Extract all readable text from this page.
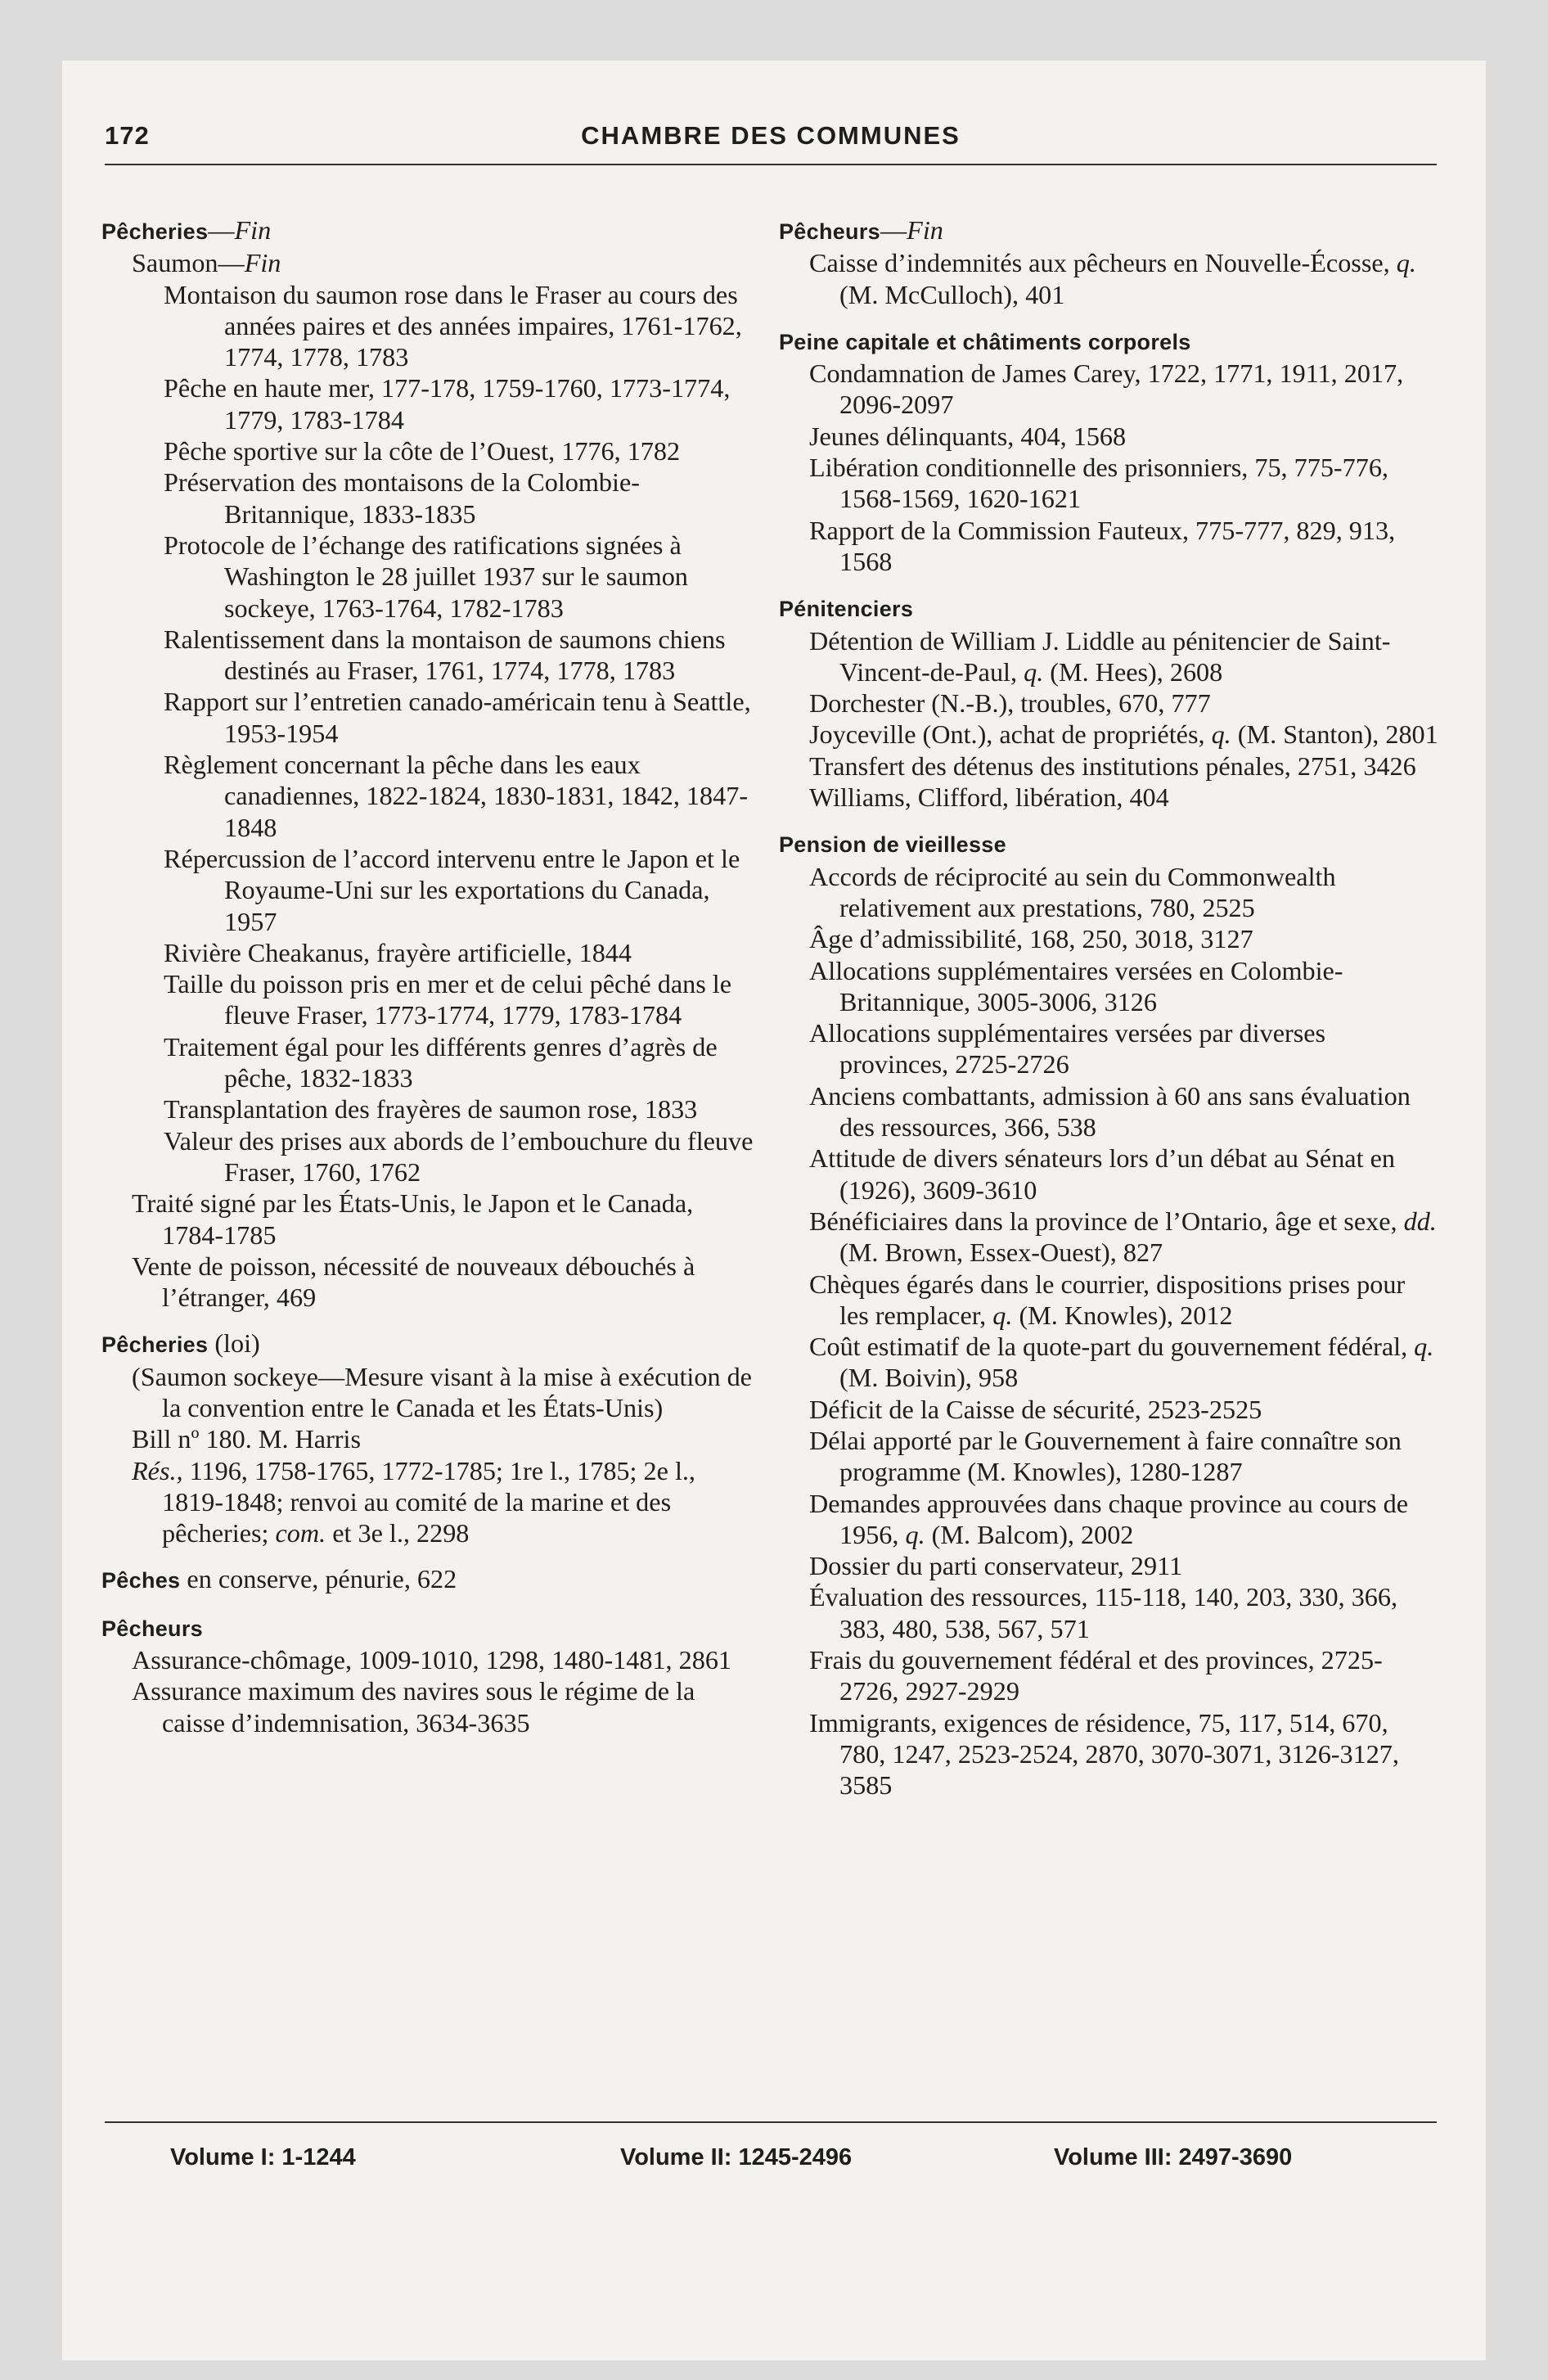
172	CHAMBRE DES COMMUNES
Pêcheries—Fin
Saumon—Fin
Montaison du saumon rose dans le Fraser au cours des années paires et des années impaires, 1761-1762, 1774, 1778, 1783
Pêche en haute mer, 177-178, 1759-1760, 1773-1774, 1779, 1783-1784
Pêche sportive sur la côte de l’Ouest, 1776, 1782
Préservation des montaisons de la Colombie-Britannique, 1833-1835
Protocole de l’échange des ratifications signées à Washington le 28 juillet 1937 sur le saumon sockeye, 1763-1764, 1782-1783
Ralentissement dans la montaison de saumons chiens destinés au Fraser, 1761, 1774, 1778, 1783
Rapport sur l’entretien canado-américain tenu à Seattle, 1953-1954
Règlement concernant la pêche dans les eaux canadiennes, 1822-1824, 1830-1831, 1842, 1847-1848
Répercussion de l’accord intervenu entre le Japon et le Royaume-Uni sur les exportations du Canada, 1957
Rivière Cheakanus, frayère artificielle, 1844
Taille du poisson pris en mer et de celui pêché dans le fleuve Fraser, 1773-1774, 1779, 1783-1784
Traitement égal pour les différents genres d’agrès de pêche, 1832-1833
Transplantation des frayères de saumon rose, 1833
Valeur des prises aux abords de l’embouchure du fleuve Fraser, 1760, 1762
Traité signé par les États-Unis, le Japon et le Canada, 1784-1785
Vente de poisson, nécessité de nouveaux débouchés à l’étranger, 469
Pêcheries (loi)
(Saumon sockeye—Mesure visant à la mise à exécution de la convention entre le Canada et les États-Unis)
Bill nº 180. M. Harris
Rés., 1196, 1758-1765, 1772-1785; 1re l., 1785; 2e l., 1819-1848; renvoi au comité de la marine et des pêcheries; com. et 3e l., 2298
Pêches en conserve, pénurie, 622
Pêcheurs
Assurance-chômage, 1009-1010, 1298, 1480-1481, 2861
Assurance maximum des navires sous le régime de la caisse d’indemnisation, 3634-3635
Pêcheurs—Fin
Caisse d’indemnités aux pêcheurs en Nouvelle-Écosse, q. (M. McCulloch), 401
Peine capitale et châtiments corporels
Condamnation de James Carey, 1722, 1771, 1911, 2017, 2096-2097
Jeunes délinquants, 404, 1568
Libération conditionnelle des prisonniers, 75, 775-776, 1568-1569, 1620-1621
Rapport de la Commission Fauteux, 775-777, 829, 913, 1568
Pénitenciers
Détention de William J. Liddle au pénitencier de Saint-Vincent-de-Paul, q. (M. Hees), 2608
Dorchester (N.-B.), troubles, 670, 777
Joyceville (Ont.), achat de propriétés, q. (M. Stanton), 2801
Transfert des détenus des institutions pénales, 2751, 3426
Williams, Clifford, libération, 404
Pension de vieillesse
Accords de réciprocité au sein du Commonwealth relativement aux prestations, 780, 2525
Âge d’admissibilité, 168, 250, 3018, 3127
Allocations supplémentaires versées en Colombie-Britannique, 3005-3006, 3126
Allocations supplémentaires versées par diverses provinces, 2725-2726
Anciens combattants, admission à 60 ans sans évaluation des ressources, 366, 538
Attitude de divers sénateurs lors d’un débat au Sénat en (1926), 3609-3610
Bénéficiaires dans la province de l’Ontario, âge et sexe, dd. (M. Brown, Essex-Ouest), 827
Chèques égarés dans le courrier, dispositions prises pour les remplacer, q. (M. Knowles), 2012
Coût estimatif de la quote-part du gouvernement fédéral, q. (M. Boivin), 958
Déficit de la Caisse de sécurité, 2523-2525
Délai apporté par le Gouvernement à faire connaître son programme (M. Knowles), 1280-1287
Demandes approuvées dans chaque province au cours de 1956, q. (M. Balcom), 2002
Dossier du parti conservateur, 2911
Évaluation des ressources, 115-118, 140, 203, 330, 366, 383, 480, 538, 567, 571
Frais du gouvernement fédéral et des provinces, 2725-2726, 2927-2929
Immigrants, exigences de résidence, 75, 117, 514, 670, 780, 1247, 2523-2524, 2870, 3070-3071, 3126-3127, 3585
Volume I: 1-1244	Volume II: 1245-2496	Volume III: 2497-3690
